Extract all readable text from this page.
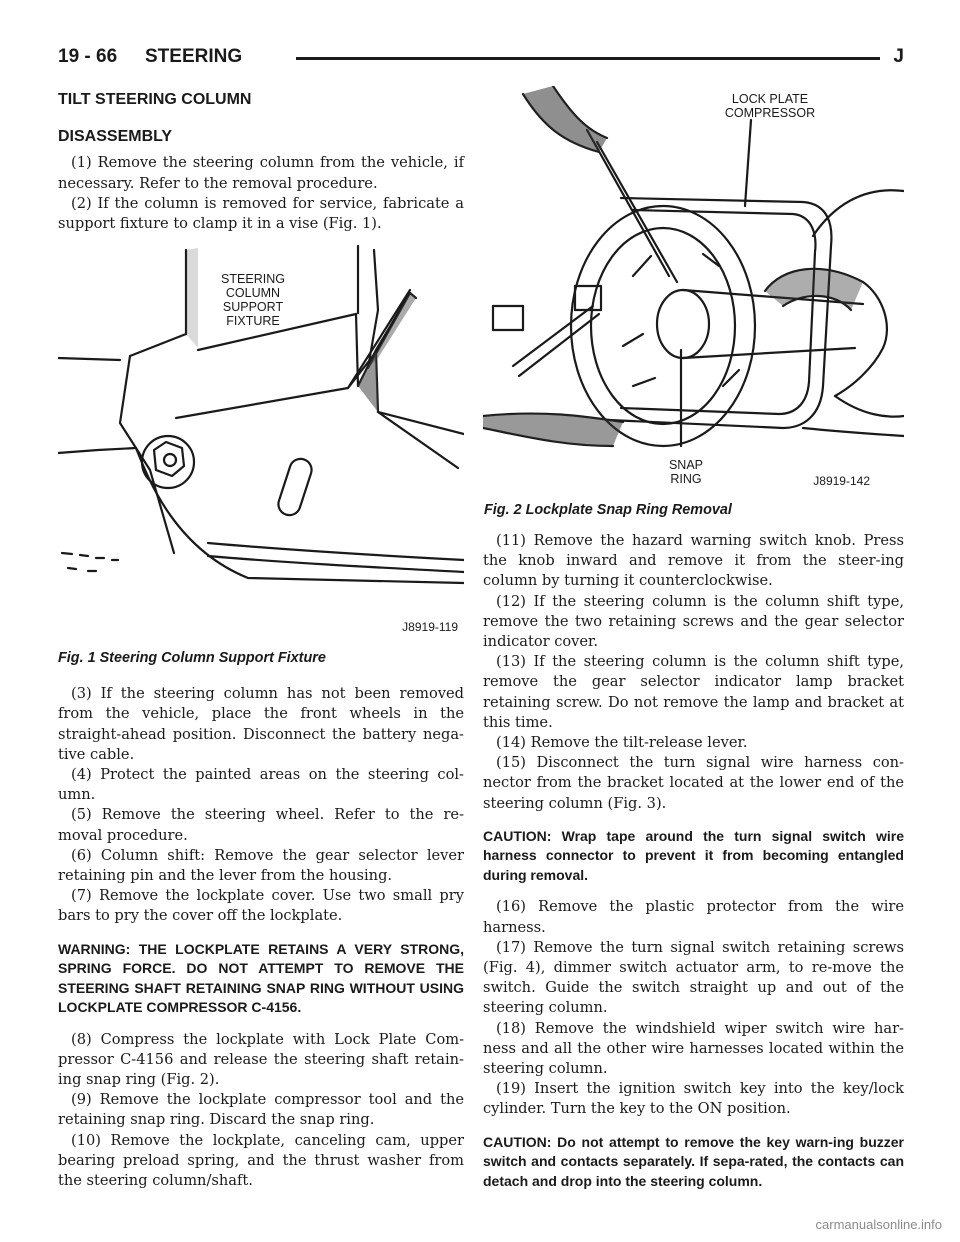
19 - 66 STEERING	J
TILT STEERING COLUMN
DISASSEMBLY

(1) Remove the steering column from the vehicle, if necessary. Refer to the removal procedure.

(2) If the column is removed for service, fabricate a support fixture to clamp it in a vise (Fig. 1).

(3) If the steering column has not been removed from the vehicle, place the front wheels in the straight-ahead position. Disconnect the battery nega-tive cable.

(4) Protect the painted areas on the steering col-umn.

(5) Remove the steering wheel. Refer to the re-moval procedure.

(6) Column shift: Remove the gear selector lever retaining pin and the lever from the housing.

(7) Remove the lockplate cover. Use two small pry bars to pry the cover off the lockplate.

WARNING: THE LOCKPLATE RETAINS A VERY STRONG, SPRING FORCE. DO NOT ATTEMPT TO REMOVE THE STEERING SHAFT RETAINING SNAP RING WITHOUT USING LOCKPLATE COMPRESSOR C-4156.

(8) Compress the lockplate with Lock Plate Com-pressor C-4156 and release the steering shaft retain-ing snap ring (Fig. 2).

(9) Remove the lockplate compressor tool and the retaining snap ring. Discard the snap ring.

(10) Remove the lockplate, canceling cam, upper bearing preload spring, and the thrust washer from the steering column/shaft.

STEERING
COLUMN
SUPPORT
FIXTURE
J8919-119
Fig. 1 Steering Column Support Fixture
LOCK PLATE
COMPRESSOR
SNAP
RING	J8919-142
Fig. 2 Lockplate Snap Ring Removal

(11) Remove the hazard warning switch knob. Press the knob inward and remove it from the steer-ing column by turning it counterclockwise.

(12) If the steering column is the column shift type, remove the two retaining screws and the gear selector indicator cover.

(13) If the steering column is the column shift type, remove the gear selector indicator lamp bracket retaining screw. Do not remove the lamp and bracket at this time.

(14) Remove the tilt-release lever.

(15) Disconnect the turn signal wire harness con-nector from the bracket located at the lower end of the steering column (Fig. 3).

CAUTION: Wrap tape around the turn signal switch wire harness connector to prevent it from becoming entangled during removal.

(16) Remove the plastic protector from the wire harness.

(17) Remove the turn signal switch retaining screws (Fig. 4), dimmer switch actuator arm, to re-move the switch. Guide the switch straight up and out of the steering column.

(18) Remove the windshield wiper switch wire har-ness and all the other wire harnesses located within the steering column.

(19) Insert the ignition switch key into the key/lock cylinder. Turn the key to the ON position.

CAUTION: Do not attempt to remove the key warn-ing buzzer switch and contacts separately. If sepa-rated, the contacts can detach and drop into the steering column.
carmanualsonline.info
